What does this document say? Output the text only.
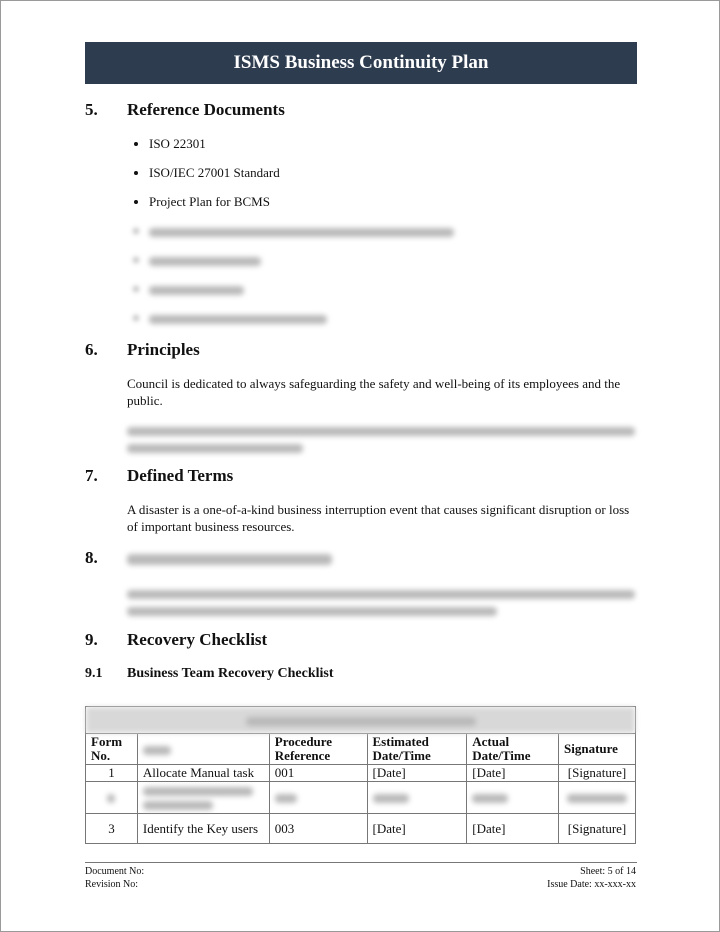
ISMS Business Continuity Plan
5. Reference Documents
• ISO 22301
• ISO/IEC 27001 Standard
• Project Plan for BCMS
•
•
•
•
6. Principles
Council is dedicated to always safeguarding the safety and well-being of its employees and the public.

7. Defined Terms
A disaster is a one-of-a-kind business interruption event that causes significant disruption or loss of important business resources.
8.

9. Recovery Checklist
9.1 Business Team Recovery Checklist

Form No.		Procedure Reference	Estimated Date/Time	Actual Date/Time	Signature
1	Allocate Manual task	001	[Date]	[Date]	[Signature]

3	Identify the Key users	003	[Date]	[Date]	[Signature]
Document No:
Revision No:
Sheet: 5 of 14
Issue Date: xx-xxx-xx
